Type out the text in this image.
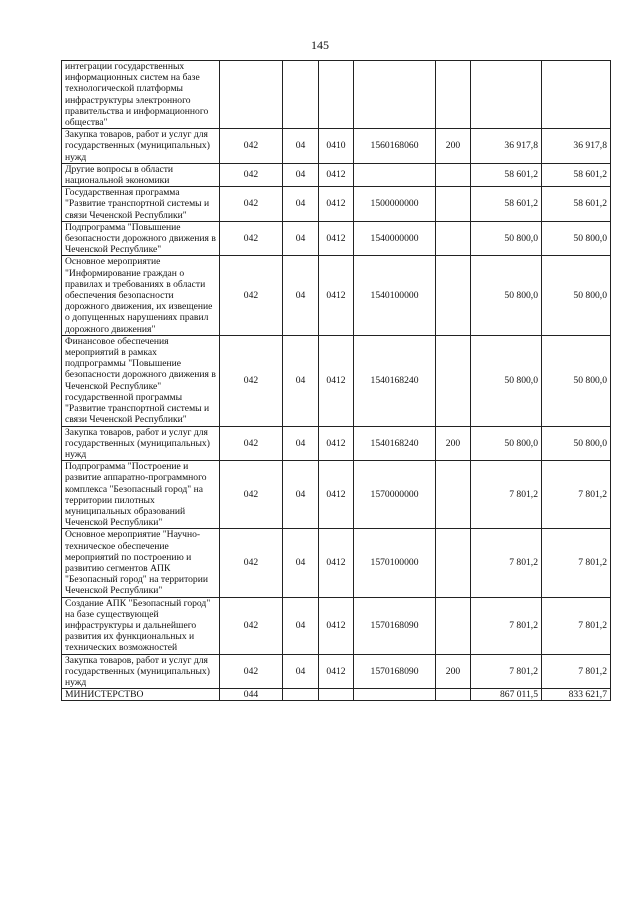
145
интеграции государственных информационных систем на базе технологической платформы инфраструктуры электронного правительства и информационного общества"							
Закупка товаров, работ и услуг для государственных (муниципальных) нужд	042	04	0410	1560168060	200	36 917,8	36 917,8
Другие вопросы в области национальной экономики	042	04	0412			58 601,2	58 601,2
Государственная программа "Развитие транспортной системы и связи Чеченской Республики"	042	04	0412	1500000000		58 601,2	58 601,2
Подпрограмма "Повышение безопасности дорожного движения в Чеченской Республике"	042	04	0412	1540000000		50 800,0	50 800,0
Основное мероприятие "Информирование граждан о правилах и требованиях в области обеспечения безопасности дорожного движения, их извещение о допущенных нарушениях правил дорожного движения"	042	04	0412	1540100000		50 800,0	50 800,0
Финансовое обеспечения мероприятий в рамках подпрограммы "Повышение безопасности дорожного движения в Чеченской Республике" государственной программы "Развитие транспортной системы и связи Чеченской Республики"	042	04	0412	1540168240		50 800,0	50 800,0
Закупка товаров, работ и услуг для государственных (муниципальных) нужд	042	04	0412	1540168240	200	50 800,0	50 800,0
Подпрограмма "Построение и развитие аппаратно-программного комплекса "Безопасный город" на территории пилотных муниципальных образований Чеченской Республики"	042	04	0412	1570000000		7 801,2	7 801,2
Основное мероприятие "Научно-техническое обеспечение мероприятий по построению и развитию сегментов АПК "Безопасный город" на территории Чеченской Республики"	042	04	0412	1570100000		7 801,2	7 801,2
Создание АПК "Безопасный город" на базе существующей инфраструктуры и дальнейшего развития их функциональных и технических возможностей	042	04	0412	1570168090		7 801,2	7 801,2
Закупка товаров, работ и услуг для государственных (муниципальных) нужд	042	04	0412	1570168090	200	7 801,2	7 801,2
МИНИСТЕРСТВО	044					867 011,5	833 621,7
